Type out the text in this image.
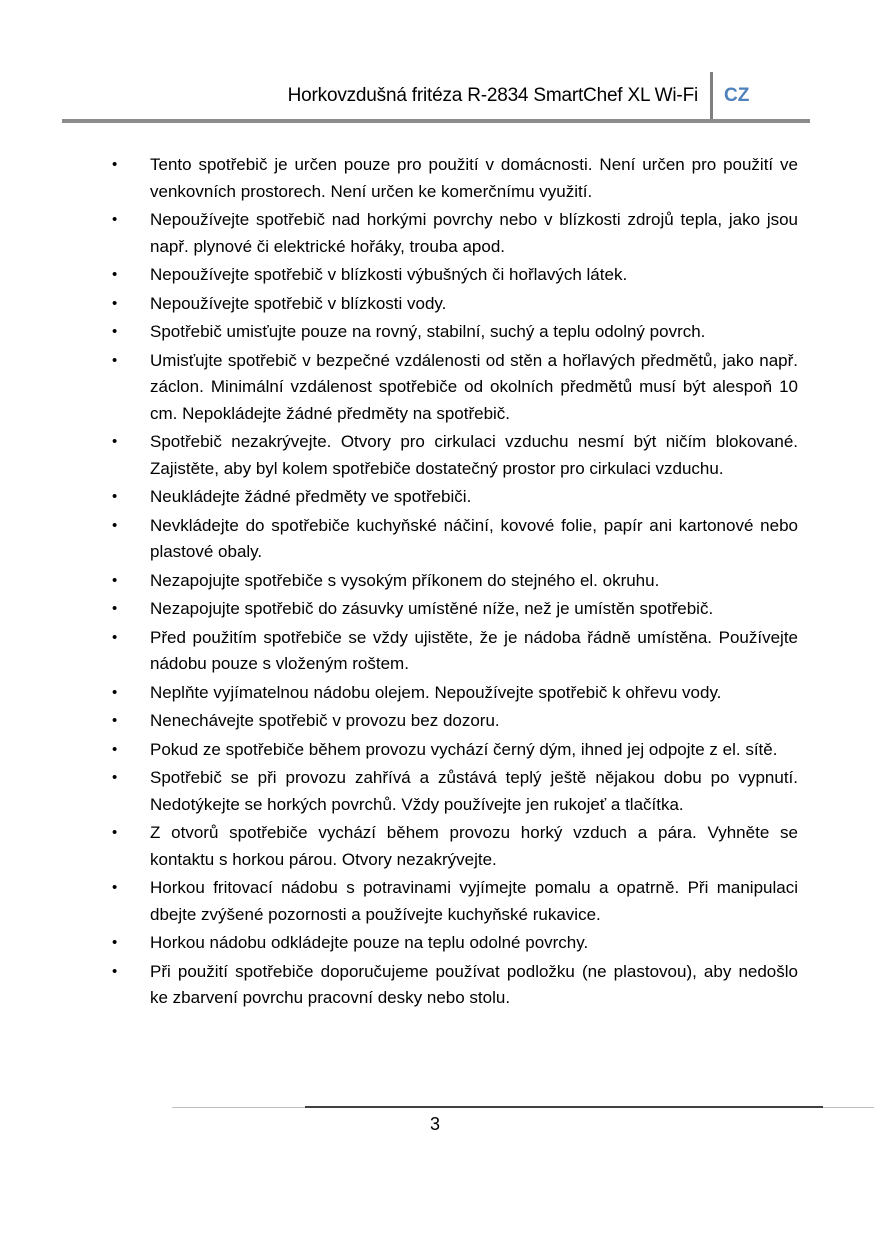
Horkovzdušná fritéza R-2834 SmartChef XL Wi-Fi CZ
• Tento spotřebič je určen pouze pro použití v domácnosti. Není určen pro použití ve venkovních prostorech. Není určen ke komerčnímu využití.
• Nepoužívejte spotřebič nad horkými povrchy nebo v blízkosti zdrojů tepla, jako jsou např. plynové či elektrické hořáky, trouba apod.
• Nepoužívejte spotřebič v blízkosti výbušných či hořlavých látek.
• Nepoužívejte spotřebič v blízkosti vody.
• Spotřebič umisťujte pouze na rovný, stabilní, suchý a teplu odolný povrch.
• Umisťujte spotřebič v bezpečné vzdálenosti od stěn a hořlavých předmětů, jako např. záclon. Minimální vzdálenost spotřebiče od okolních předmětů musí být alespoň 10 cm. Nepokládejte žádné předměty na spotřebič.
• Spotřebič nezakrývejte. Otvory pro cirkulaci vzduchu nesmí být ničím blokované. Zajistěte, aby byl kolem spotřebiče dostatečný prostor pro cirkulaci vzduchu.
• Neukládejte žádné předměty ve spotřebiči.
• Nevkládejte do spotřebiče kuchyňské náčiní, kovové folie, papír ani kartonové nebo plastové obaly.
• Nezapojujte spotřebiče s vysokým příkonem do stejného el. okruhu.
• Nezapojujte spotřebič do zásuvky umístěné níže, než je umístěn spotřebič.
• Před použitím spotřebiče se vždy ujistěte, že je nádoba řádně umístěna. Používejte nádobu pouze s vloženým roštem.
• Neplňte vyjímatelnou nádobu olejem. Nepoužívejte spotřebič k ohřevu vody.
• Nenechávejte spotřebič v provozu bez dozoru.
• Pokud ze spotřebiče během provozu vychází černý dým, ihned jej odpojte z el. sítě.
• Spotřebič se při provozu zahřívá a zůstává teplý ještě nějakou dobu po vypnutí. Nedotýkejte se horkých povrchů. Vždy používejte jen rukojeť a tlačítka.
• Z otvorů spotřebiče vychází během provozu horký vzduch a pára. Vyhněte se kontaktu s horkou párou. Otvory nezakrývejte.
• Horkou fritovací nádobu s potravinami vyjímejte pomalu a opatrně. Při manipulaci dbejte zvýšené pozornosti a používejte kuchyňské rukavice.
• Horkou nádobu odkládejte pouze na teplu odolné povrchy.
• Při použití spotřebiče doporučujeme používat podložku (ne plastovou), aby nedošlo ke zbarvení povrchu pracovní desky nebo stolu.
3
